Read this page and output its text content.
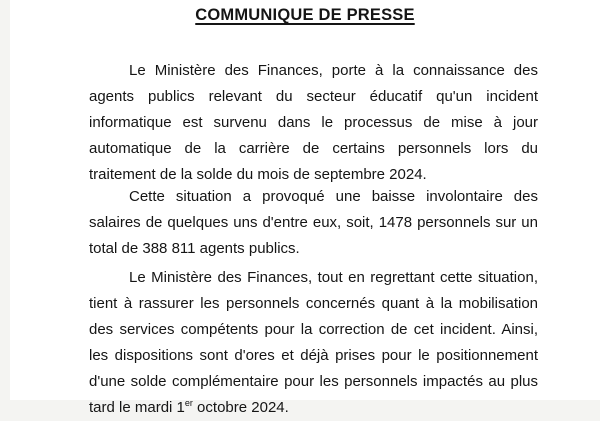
COMMUNIQUE DE PRESSE

Le Ministère des Finances, porte à la connaissance des agents publics relevant du secteur éducatif qu'un incident informatique est survenu dans le processus de mise à jour automatique de la carrière de certains personnels lors du traitement de la solde du mois de septembre 2024.

Cette situation a provoqué une baisse involontaire des salaires de quelques uns d'entre eux, soit, 1478 personnels sur un total de 388 811 agents publics.

Le Ministère des Finances, tout en regrettant cette situation, tient à rassurer les personnels concernés quant à la mobilisation des services compétents pour la correction de cet incident. Ainsi, les dispositions sont d'ores et déjà prises pour le positionnement d'une solde complémentaire pour les personnels impactés au plus tard le mardi 1er octobre 2024.
